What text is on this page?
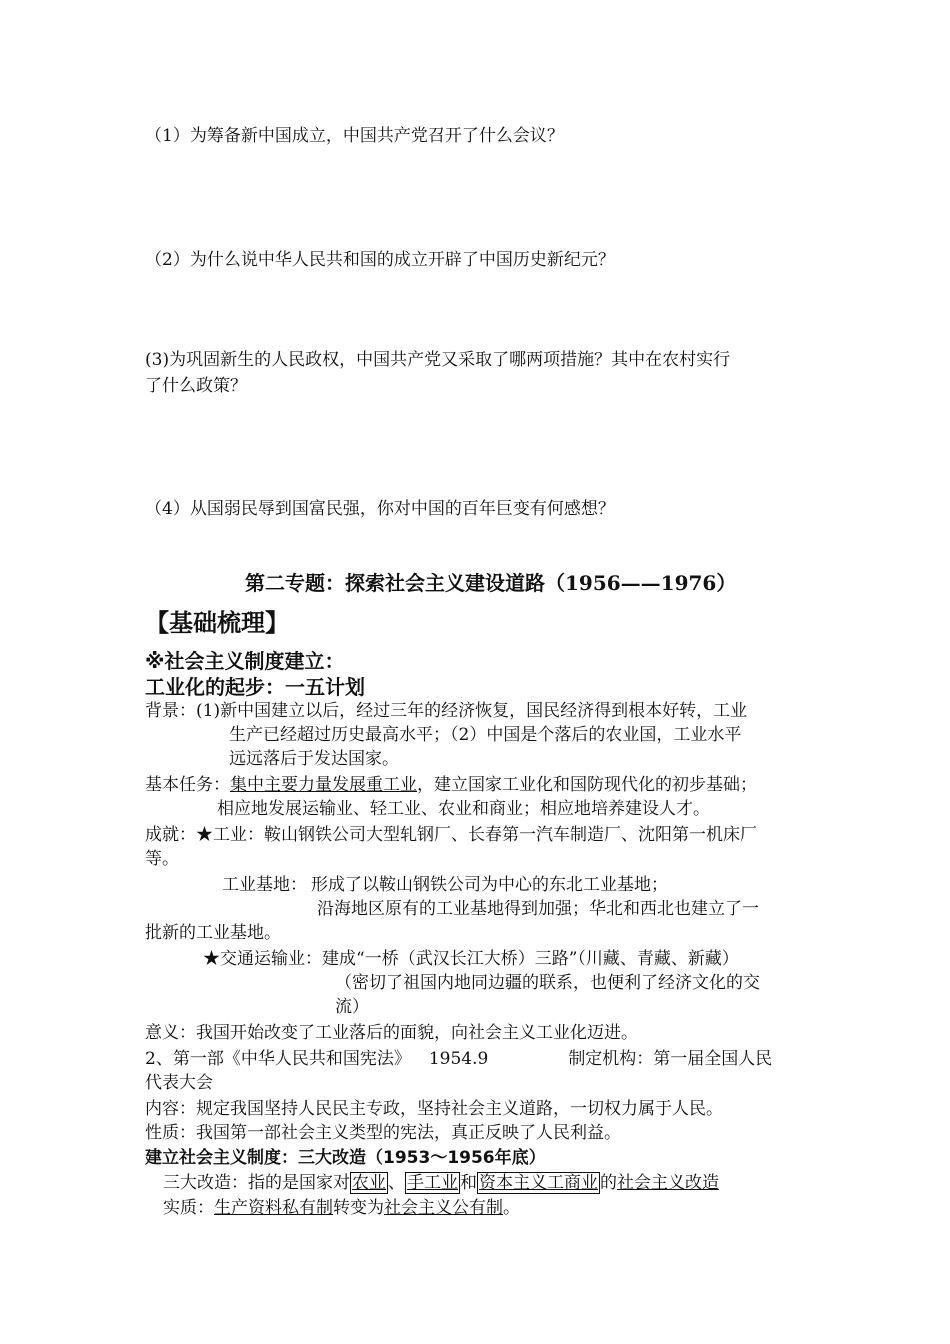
（1）为筹备新中国成立，中国共产党召开了什么会议？
（2）为什么说中华人民共和国的成立开辟了中国历史新纪元？
(3)为巩固新生的人民政权，中国共产党又采取了哪两项措施？其中在农村实行
了什么政策？
（4）从国弱民辱到国富民强，你对中国的百年巨变有何感想？
第二专题：探索社会主义建设道路（1956——1976）
【基础梳理】
※社会主义制度建立：
工业化的起步：一五计划
背景：(1)新中国建立以后，经过三年的经济恢复，国民经济得到根本好转，工业
生产已经超过历史最高水平；（2）中国是个落后的农业国，工业水平
远远落后于发达国家。
基本任务：集中主要力量发展重工业，建立国家工业化和国防现代化的初步基础；
相应地发展运输业、轻工业、农业和商业；相应地培养建设人才。
成就：★工业：鞍山钢铁公司大型轧钢厂、长春第一汽车制造厂、沈阳第一机床厂
等。
工业基地： 形成了以鞍山钢铁公司为中心的东北工业基地；
沿海地区原有的工业基地得到加强；华北和西北也建立了一
批新的工业基地。
★交通运输业：建成“一桥（武汉长江大桥）三路”（川藏、青藏、新藏）
（密切了祖国内地同边疆的联系，也便利了经济文化的交
流）
意义：我国开始改变了工业落后的面貌，向社会主义工业化迈进。
2、第一部《中华人民共和国宪法》 1954.9	制定机构：第一届全国人民
代表大会
内容：规定我国坚持人民民主专政，坚持社会主义道路，一切权力属于人民。
性质：我国第一部社会主义类型的宪法，真正反映了人民利益。
建立社会主义制度：三大改造（1953～1956年底）
三大改造：指的是国家对 农业 、 手工业 和 资本主义工商业 的社会主义改造
实质：生产资料私有制转变为社会主义公有制。
